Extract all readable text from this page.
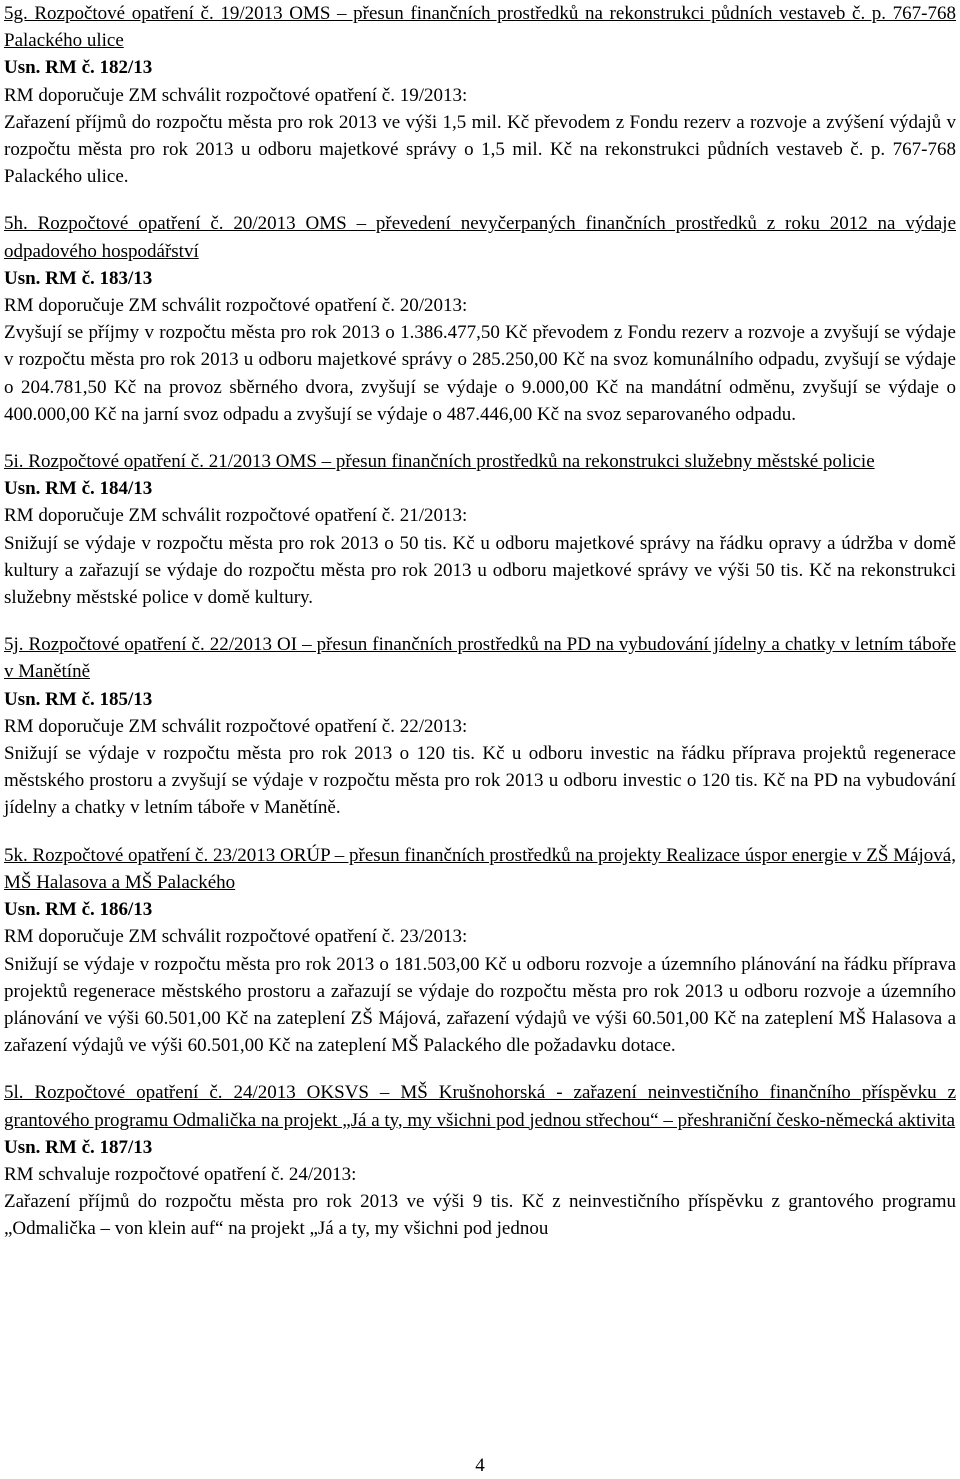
5g. Rozpočtové opatření č. 19/2013 OMS – přesun finančních prostředků na rekonstrukci půdních vestaveb č. p. 767-768 Palackého ulice
Usn. RM č. 182/13
RM doporučuje ZM schválit rozpočtové opatření č. 19/2013:
Zařazení příjmů do rozpočtu města pro rok 2013 ve výši 1,5 mil. Kč převodem z Fondu rezerv a rozvoje a zvýšení výdajů v rozpočtu města pro rok 2013 u odboru majetkové správy o 1,5 mil. Kč na rekonstrukci půdních vestaveb č. p. 767-768 Palackého ulice.
5h. Rozpočtové opatření č. 20/2013 OMS – převedení nevyčerpaných finančních prostředků z roku 2012 na výdaje odpadového hospodářství
Usn. RM č. 183/13
RM doporučuje ZM schválit rozpočtové opatření č. 20/2013:
Zvyšují se příjmy v rozpočtu města pro rok 2013 o 1.386.477,50 Kč převodem z Fondu rezerv a rozvoje a zvyšují se výdaje v rozpočtu města pro rok 2013 u odboru majetkové správy o 285.250,00 Kč na svoz komunálního odpadu, zvyšují se výdaje o 204.781,50 Kč na provoz sběrného dvora, zvyšují se výdaje o 9.000,00 Kč na mandátní odměnu, zvyšují se výdaje o 400.000,00 Kč na jarní svoz odpadu a zvyšují se výdaje o 487.446,00 Kč na svoz separovaného odpadu.
5i. Rozpočtové opatření č. 21/2013 OMS – přesun finančních prostředků na rekonstrukci služebny městské policie
Usn. RM č. 184/13
RM doporučuje ZM schválit rozpočtové opatření č. 21/2013:
Snižují se výdaje v rozpočtu města pro rok 2013 o 50 tis. Kč u odboru majetkové správy na řádku opravy a údržba v domě kultury a zařazují se výdaje do rozpočtu města pro rok 2013 u odboru majetkové správy ve výši 50 tis. Kč na rekonstrukci služebny městské police v domě kultury.
5j. Rozpočtové opatření č. 22/2013 OI – přesun finančních prostředků na PD na vybudování jídelny a chatky v letním táboře v Manětíně
Usn. RM č. 185/13
RM doporučuje ZM schválit rozpočtové opatření č. 22/2013:
Snižují se výdaje v rozpočtu města pro rok 2013 o 120 tis. Kč u odboru investic na řádku příprava projektů regenerace městského prostoru a zvyšují se výdaje v rozpočtu města pro rok 2013 u odboru investic o 120 tis. Kč na PD na vybudování jídelny a chatky v letním táboře v Manětíně.
5k. Rozpočtové opatření č. 23/2013 ORÚP – přesun finančních prostředků na projekty Realizace úspor energie v ZŠ Májová, MŠ Halasova a MŠ Palackého
Usn. RM č. 186/13
RM doporučuje ZM schválit rozpočtové opatření č. 23/2013:
Snižují se výdaje v rozpočtu města pro rok 2013 o 181.503,00 Kč u odboru rozvoje a územního plánování na řádku příprava projektů regenerace městského prostoru a zařazují se výdaje do rozpočtu města pro rok 2013 u odboru rozvoje a územního plánování ve výši 60.501,00 Kč na zateplení ZŠ Májová, zařazení výdajů ve výši 60.501,00 Kč na zateplení MŠ Halasova a zařazení výdajů ve výši 60.501,00 Kč na zateplení MŠ Palackého dle požadavku dotace.
5l. Rozpočtové opatření č. 24/2013 OKSVS – MŠ Krušnohorská - zařazení neinvestičního finančního příspěvku z grantového programu Odmalička na projekt „Já a ty, my všichni pod jednou střechou“ – přeshraniční česko-německá aktivita
Usn. RM č. 187/13
RM schvaluje rozpočtové opatření č. 24/2013:
Zařazení příjmů do rozpočtu města pro rok 2013 ve výši 9 tis. Kč z neinvestičního příspěvku z grantového programu „Odmalička – von klein auf“ na projekt „Já a ty, my všichni pod jednou
4
